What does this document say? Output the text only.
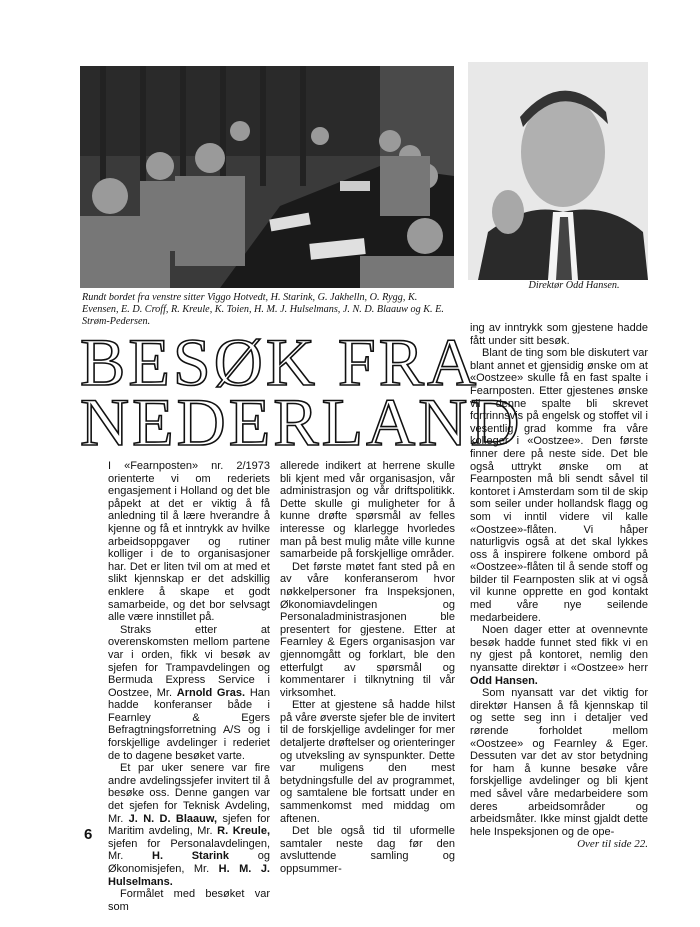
Rundt bordet fra venstre sitter Viggo Hotvedt, H. Starink, G. Jakhelln, O. Rygg, K. Evensen, E. D. Croff, R. Kreule, K. Toien, H. M. J. Hulselmans, J. N. D. Blaauw og K. E. Strøm-Pedersen.
Direktør Odd Hansen.
BESØK FRA
NEDERLAND

I «Fearnposten» nr. 2/1973 orienterte vi om rederiets engasjement i Holland og det ble påpekt at det er viktig å få anledning til å lære hverandre å kjenne og få et inntrykk av hvilke arbeidsoppgaver og rutiner kolliger i de to organisasjoner har. Det er liten tvil om at med et slikt kjennskap er det adskillig enklere å skape et godt samarbeide, og det bor selvsagt alle være innstillet på.

Straks etter at overenskomsten mellom partene var i orden, fikk vi besøk av sjefen for Trampavdelingen og Bermuda Express Service i Oostzee, Mr. Arnold Gras. Han hadde konferanser både i Fearnley & Egers Befragtningsforretning A/S og i forskjellige avdelinger i rederiet de to dagene besøket varte.

Et par uker senere var fire andre avdelingssjefer invitert til å besøke oss. Denne gangen var det sjefen for Teknisk Avdeling, Mr. J. N. D. Blaauw, sjefen for Maritim avdeling, Mr. R. Kreule, sjefen for Personalavdelingen, Mr.	H. Starink	og Økonomisjefen, Mr. H. M. J. Hulselmans.

Formålet med besøket var som

allerede indikert at herrene skulle bli kjent med vår organisasjon, vår administrasjon og vår driftspolitikk. Dette skulle gi muligheter for å kunne drøfte spørsmål av felles interesse og klarlegge hvorledes man på best mulig måte ville kunne samarbeide på forskjellige områder.

Det første møtet fant sted på en av våre konferanserom hvor nøkkelpersoner fra Inspeksjonen, Økonomiavdelingen og Personaladministrasjonen ble presentert for gjestene. Etter at Fearnley & Egers organisasjon var gjennomgått og forklart, ble den etterfulgt av spørsmål og kommentarer i tilknytning til vår virksomhet.

Etter at gjestene så hadde hilst på våre øverste sjefer ble de invitert til de forskjellige avdelinger for mer detaljerte drøftelser og orienteringer og utveksling av synspunkter. Dette var muligens den mest betydningsfulle del av programmet, og samtalene ble fortsatt under en sammenkomst med middag om aftenen.

Det ble også tid til uformelle samtaler neste dag før den avsluttende samling og oppsummer-

ing av inntrykk som gjestene hadde fått under sitt besøk.

Blant de ting som ble diskutert var blant annet et gjensidig ønske om at «Oostzee» skulle få en fast spalte i Fearnposten. Etter gjestenes ønske vil denne spalte bli skrevet fortrinnsvis på engelsk og stoffet vil i vesentlig grad komme fra våre kolleger i «Oostzee». Den første finner dere på neste side. Det ble også uttrykt ønske om at Fearnposten må bli sendt såvel til kontoret i Amsterdam som til de skip som seiler under hollandsk flagg og som vi inntil videre vil kalle «Oostzee»-flåten. Vi håper naturligvis også at det skal lykkes oss å inspirere folkene ombord på «Oostzee»-flåten til å sende stoff og bilder til Fearnposten slik at vi også vil kunne opprette en god kontakt med våre nye seilende medarbeidere.

Noen dager etter at ovennevnte besøk hadde funnet sted fikk vi en ny gjest på kontoret, nemlig den nyansatte direktør i «Oostzee» herr Odd Hansen.

Som nyansatt var det viktig for direktør Hansen å få kjennskap til og sette seg inn i detaljer ved rørende forholdet mellom «Oostzee» og Fearnley & Eger. Dessuten var det av stor betydning for ham å kunne besøke våre forskjellige avdelinger og bli kjent med såvel våre medarbeidere som deres arbeidsområder og arbeidsmåter. Ikke minst gjaldt dette hele Inspeksjonen og de ope-

Over til side 22.
6
